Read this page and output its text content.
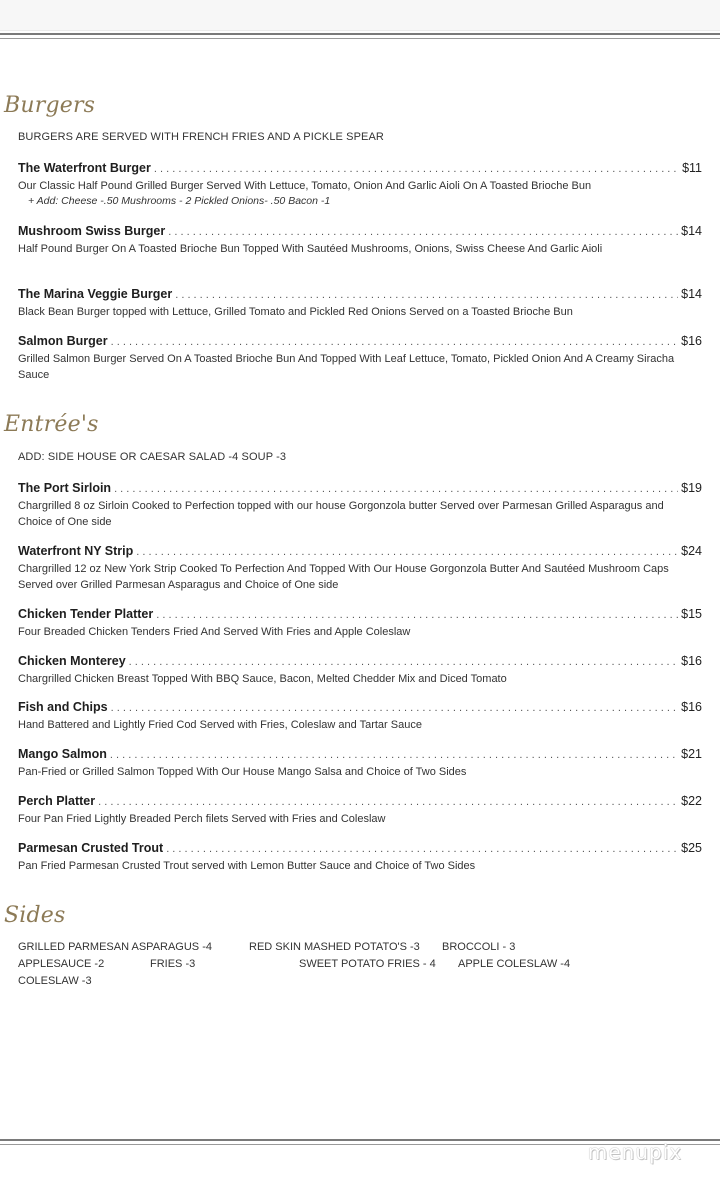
Burgers
BURGERS ARE SERVED WITH FRENCH FRIES AND A PICKLE SPEAR
The Waterfront Burger . . .	$11
Our Classic Half Pound Grilled Burger Served With Lettuce, Tomato, Onion And Garlic Aioli On A Toasted Brioche Bun
+ Add: Cheese -.50 Mushrooms - 2 Pickled Onions- .50 Bacon -1
Mushroom Swiss Burger . . .	$14
Half Pound Burger On A Toasted Brioche Bun Topped With Sautéed Mushrooms, Onions, Swiss Cheese And Garlic Aioli
The Marina Veggie Burger . . .	$14
Black Bean Burger topped with Lettuce, Grilled Tomato and Pickled Red Onions Served on a Toasted Brioche Bun
Salmon Burger . . .	$16
Grilled Salmon Burger Served On A Toasted Brioche Bun And Topped With Leaf Lettuce, Tomato, Pickled Onion And A Creamy Siracha Sauce
Entrée's
ADD: SIDE HOUSE OR CAESAR SALAD -4 SOUP -3
The Port Sirloin . . .	$19
Chargrilled 8 oz Sirloin Cooked to Perfection topped with our house Gorgonzola butter Served over Parmesan Grilled Asparagus and Choice of One side
Waterfront NY Strip . . .	$24
Chargrilled 12 oz New York Strip Cooked To Perfection And Topped With Our House Gorgonzola Butter And Sautéed Mushroom Caps Served over Grilled Parmesan Asparagus and Choice of One side
Chicken Tender Platter . . .	$15
Four Breaded Chicken Tenders Fried And Served With Fries and Apple Coleslaw
Chicken Monterey . . .	$16
Chargrilled Chicken Breast Topped With BBQ Sauce, Bacon, Melted Chedder Mix and Diced Tomato
Fish and Chips . . .	$16
Hand Battered and Lightly Fried Cod Served with Fries, Coleslaw and Tartar Sauce
Mango Salmon . . .	$21
Pan-Fried or Grilled Salmon Topped With Our House Mango Salsa and Choice of Two Sides
Perch Platter . . .	$22
Four Pan Fried Lightly Breaded Perch filets Served with Fries and Coleslaw
Parmesan Crusted Trout . . .	$25
Pan Fried Parmesan Crusted Trout served with Lemon Butter Sauce and Choice of Two Sides
Sides
GRILLED PARMESAN ASPARAGUS -4	RED SKIN MASHED POTATO'S -3 BROCCOLI - 3
APPLESAUCE -2	FRIES -3	SWEET POTATO FRIES - 4 APPLE COLESLAW -4
COLESLAW -3
menupix
